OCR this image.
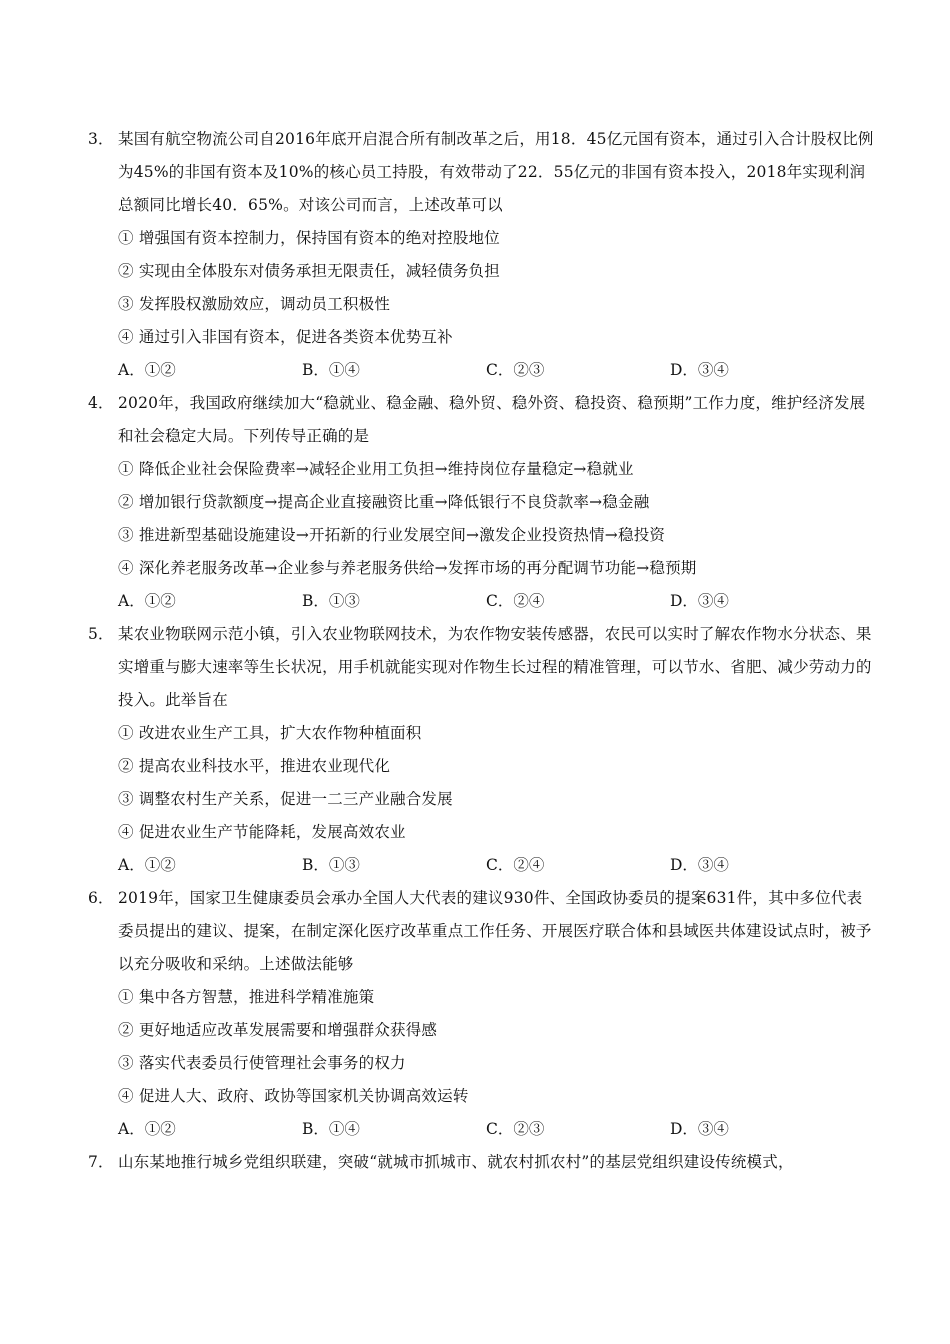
3． 某国有航空物流公司自2016年底开启混合所有制改革之后，用18．45亿元国有资本，通过引入合计股权比例为45%的非国有资本及10%的核心员工持股，有效带动了22．55亿元的非国有资本投入，2018年实现利润总额同比增长40．65%。对该公司而言，上述改革可以
① 增强国有资本控制力，保持国有资本的绝对控股地位
② 实现由全体股东对债务承担无限责任，减轻债务负担
③ 发挥股权激励效应，调动员工积极性
④ 通过引入非国有资本，促进各类资本优势互补
A．①②	B．①④	C．②③	D．③④
4． 2020年，我国政府继续加大“稳就业、稳金融、稳外贸、稳外资、稳投资、稳预期”工作力度，维护经济发展和社会稳定大局。下列传导正确的是
① 降低企业社会保险费率→减轻企业用工负担→维持岗位存量稳定→稳就业
② 增加银行贷款额度→提高企业直接融资比重→降低银行不良贷款率→稳金融
③ 推进新型基础设施建设→开拓新的行业发展空间→激发企业投资热情→稳投资
④ 深化养老服务改革→企业参与养老服务供给→发挥市场的再分配调节功能→稳预期
A．①②	B．①③	C．②④	D．③④
5． 某农业物联网示范小镇，引入农业物联网技术，为农作物安装传感器，农民可以实时了解农作物水分状态、果实增重与膨大速率等生长状况，用手机就能实现对作物生长过程的精准管理，可以节水、省肥、减少劳动力的投入。此举旨在
① 改进农业生产工具，扩大农作物种植面积
② 提高农业科技水平，推进农业现代化
③ 调整农村生产关系，促进一二三产业融合发展
④ 促进农业生产节能降耗，发展高效农业
A．①②	B．①③	C．②④	D．③④
6． 2019年，国家卫生健康委员会承办全国人大代表的建议930件、全国政协委员的提案631件，其中多位代表委员提出的建议、提案，在制定深化医疗改革重点工作任务、开展医疗联合体和县域医共体建设试点时，被予以充分吸收和采纳。上述做法能够
① 集中各方智慧，推进科学精准施策
② 更好地适应改革发展需要和增强群众获得感
③ 落实代表委员行使管理社会事务的权力
④ 促进人大、政府、政协等国家机关协调高效运转
A．①②	B．①④	C．②③	D．③④
7． 山东某地推行城乡党组织联建，突破“就城市抓城市、就农村抓农村”的基层党组织建设传统模式，
